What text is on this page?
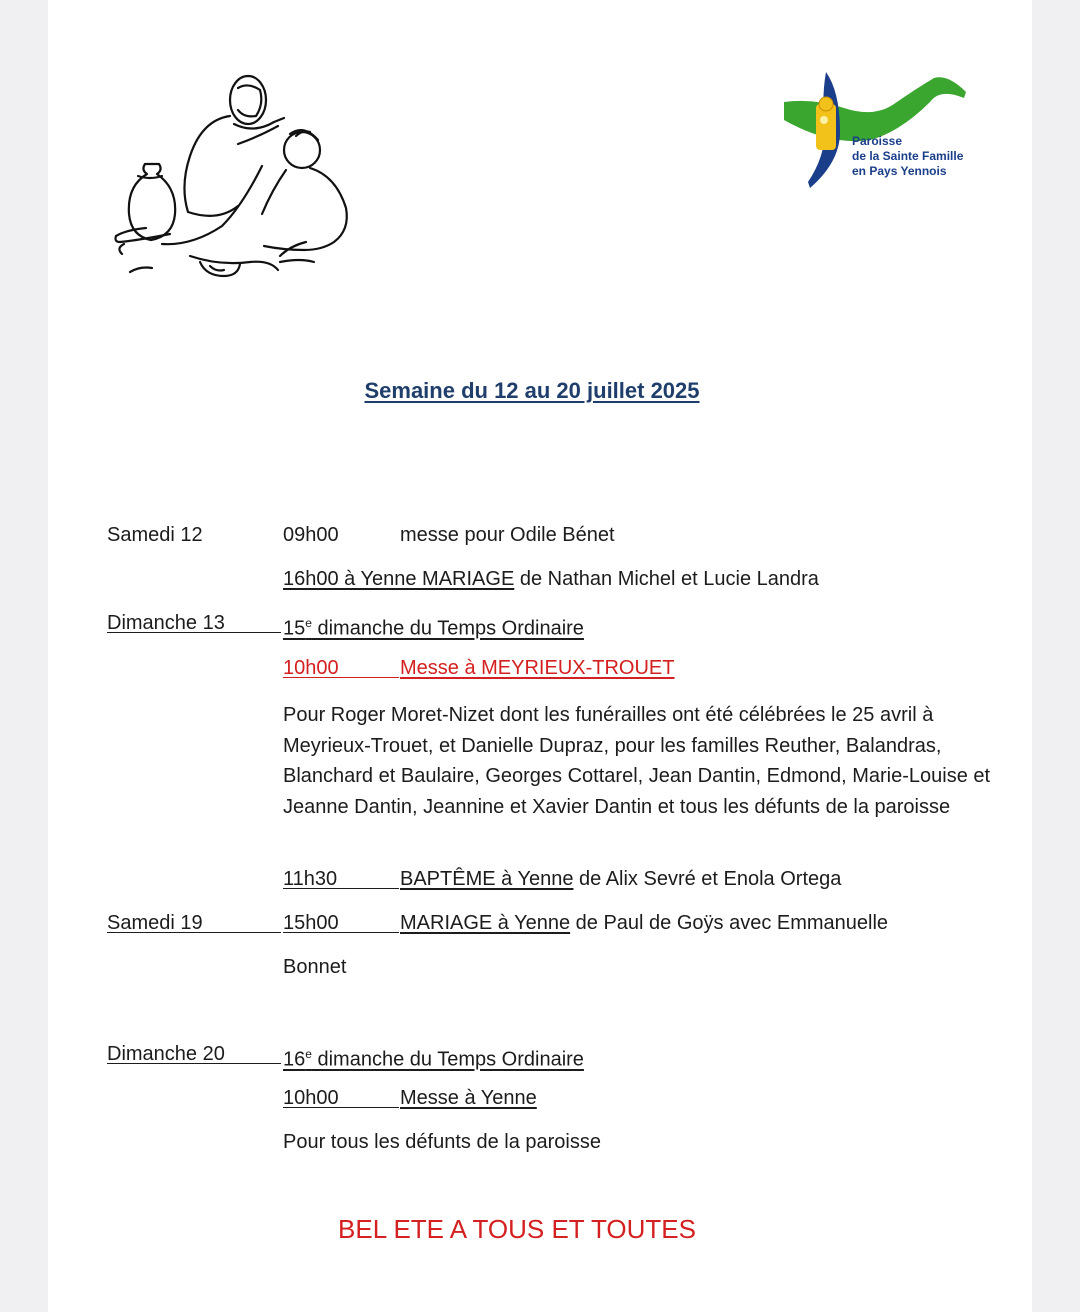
Paroisse
de la Sainte Famille
en Pays Yennois
Semaine du 12 au 20 juillet 2025
Samedi 12	09h00	messe pour Odile Bénet
16h00 à Yenne MARIAGE de Nathan Michel et Lucie Landra
Dimanche 13	15e dimanche du Temps Ordinaire
10h00	Messe à MEYRIEUX-TROUET
Pour Roger Moret-Nizet dont les funérailles ont été célébrées le 25 avril à Meyrieux-Trouet, et Danielle Dupraz, pour les familles Reuther, Balandras, Blanchard et Baulaire, Georges Cottarel, Jean Dantin, Edmond, Marie-Louise et Jeanne Dantin, Jeannine et Xavier Dantin et tous les défunts de la paroisse
11h30	BAPTÊME à Yenne de Alix Sevré et Enola Ortega
Samedi 19	15h00	MARIAGE à Yenne de Paul de Goÿs avec Emmanuelle
Bonnet
Dimanche 20	16e dimanche du Temps Ordinaire
10h00	Messe à Yenne
Pour tous les défunts de la paroisse
BEL ETE A TOUS ET TOUTES
